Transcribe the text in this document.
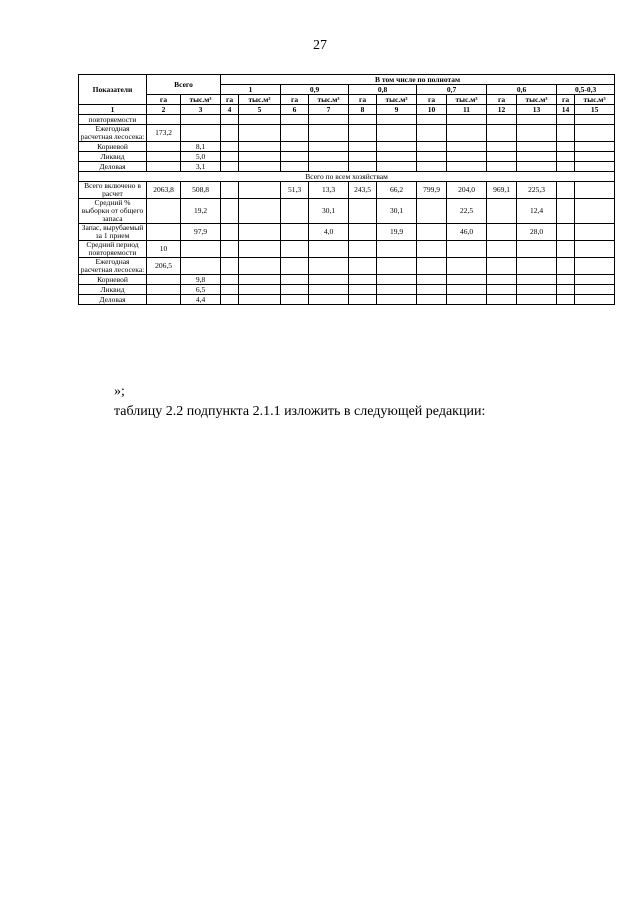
27
Показатели	Всего		В том числе по полнотам											
			1		0,9		0,8		0,7		0,6		0,5-0,3	
	га	тыс.м³	га	тыс.м³	га	тыс.м³	га	тыс.м³	га	тыс.м³	га	тыс.м³	га	тыс.м³
1	2	3	4	5	6	7	8	9	10	11	12	13	14	15
повторяемости														
Ежегодная расчетная лесосека:	173,2													
Корневой		8,1												
Ликвид		5,0												
Деловая		3,1												
Всего по всем хозяйствам														
Всего включено в расчет	2063,8	508,8			51,3	13,3	243,5	66,2	799,9	204,0	969,1	225,3		
Средний % выборки от общего запаса		19,2				30,1		30,1		22,5		12,4		
Запас, вырубаемый за 1 прием		97,9				4,0		19,9		46,0		28,0		
Средний период повторяемости	10													
Ежегодная расчетная лесосека:	206,5													
Корневой		9,8												
Ликвид		6,5												
Деловая		4,4												
»;
таблицу 2.2 подпункта 2.1.1 изложить в следующей редакции:
